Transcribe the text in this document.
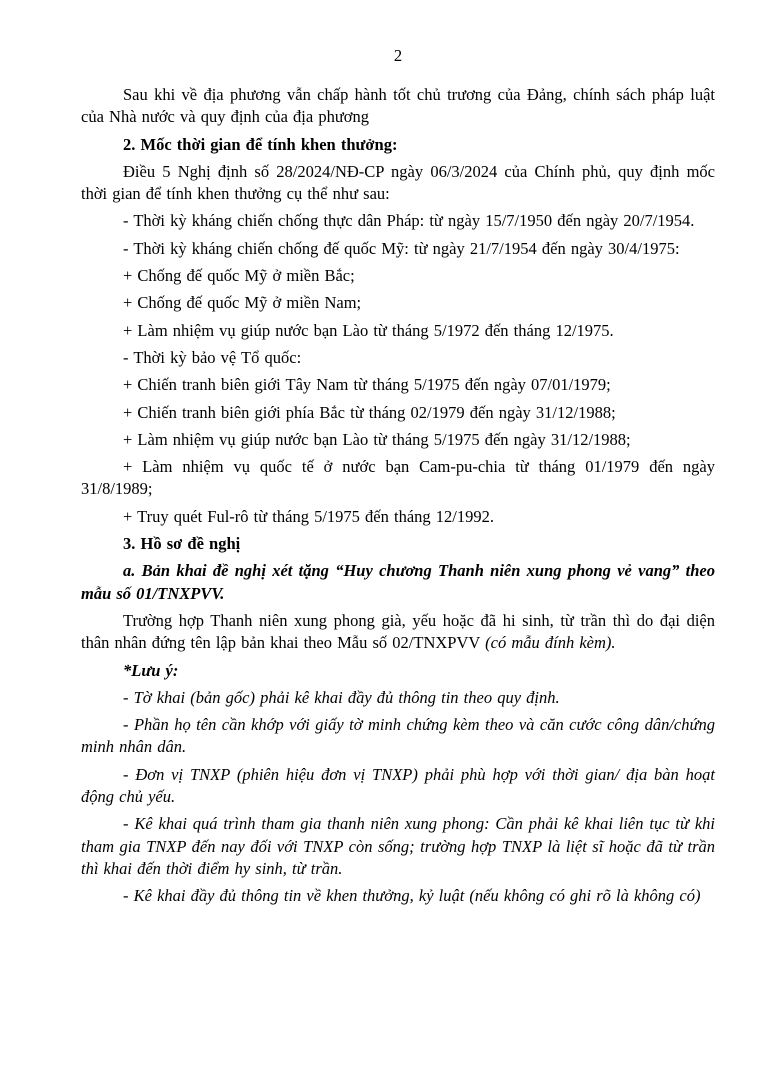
2

Sau khi về địa phương vẫn chấp hành tốt chủ trương của Đảng, chính sách pháp luật của Nhà nước và quy định của địa phương

2. Mốc thời gian để tính khen thưởng:

Điều 5 Nghị định số 28/2024/NĐ-CP ngày 06/3/2024 của Chính phủ, quy định mốc thời gian để tính khen thưởng cụ thể như sau:

- Thời kỳ kháng chiến chống thực dân Pháp: từ ngày 15/7/1950 đến ngày 20/7/1954.

- Thời kỳ kháng chiến chống đế quốc Mỹ: từ ngày 21/7/1954 đến ngày 30/4/1975:

+ Chống đế quốc Mỹ ở miền Bắc;

+ Chống đế quốc Mỹ ở miền Nam;

+ Làm nhiệm vụ giúp nước bạn Lào từ tháng 5/1972 đến tháng 12/1975.

- Thời kỳ bảo vệ Tổ quốc:

+ Chiến tranh biên giới Tây Nam từ tháng 5/1975 đến ngày 07/01/1979;

+ Chiến tranh biên giới phía Bắc từ tháng 02/1979 đến ngày 31/12/1988;

+ Làm nhiệm vụ giúp nước bạn Lào từ tháng 5/1975 đến ngày 31/12/1988;

+ Làm nhiệm vụ quốc tế ở nước bạn Cam-pu-chia từ tháng 01/1979 đến ngày 31/8/1989;

+ Truy quét Ful-rô từ tháng 5/1975 đến tháng 12/1992.

3. Hồ sơ đề nghị

a. Bản khai đề nghị xét tặng “Huy chương Thanh niên xung phong vẻ vang” theo mẫu số 01/TNXPVV.

Trường hợp Thanh niên xung phong già, yếu hoặc đã hi sinh, từ trần thì do đại diện thân nhân đứng tên lập bản khai theo Mẫu số 02/TNXPVV (có mẫu đính kèm).

*Lưu ý:

- Tờ khai (bản gốc) phải kê khai đầy đủ thông tin theo quy định.

- Phần họ tên cần khớp với giấy tờ minh chứng kèm theo và căn cước công dân/chứng minh nhân dân.

- Đơn vị TNXP (phiên hiệu đơn vị TNXP) phải phù hợp với thời gian/ địa bàn hoạt động chủ yếu.

- Kê khai quá trình tham gia thanh niên xung phong: Cần phải kê khai liên tục từ khi tham gia TNXP đến nay đối với TNXP còn sống; trường hợp TNXP là liệt sĩ hoặc đã từ trần thì khai đến thời điểm hy sinh, từ trần.

- Kê khai đầy đủ thông tin về khen thưởng, kỷ luật (nếu không có ghi rõ là không có)
